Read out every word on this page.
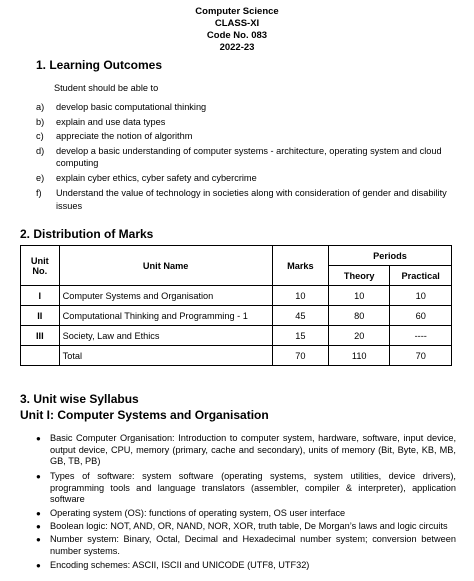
Computer Science
CLASS-XI
Code No. 083
2022-23
1. Learning Outcomes
Student should be able to
a) develop basic computational thinking
b) explain and use data types
c) appreciate the notion of algorithm
d) develop a basic understanding of computer systems - architecture, operating system and cloud
computing
e) explain cyber ethics, cyber safety and cybercrime
f) Understand the value of technology in societies along with consideration of gender and disability
issues
2. Distribution of Marks
Unit
No.	Unit Name	Marks	Periods	
			Theory	Practical
I	Computer Systems and Organisation	10	10	10
II	Computational Thinking and Programming - 1	45	80	60
III	Society, Law and Ethics	15	20	----
	Total	70	110	70
3. Unit wise Syllabus
Unit I: Computer Systems and Organisation
● Basic Computer Organisation: Introduction to computer system, hardware, software, input device, output device, CPU, memory (primary, cache and secondary), units of memory (Bit, Byte, KB, MB, GB, TB, PB)
● Types of software: system software (operating systems, system utilities, device drivers), programming tools and language translators (assembler, compiler & interpreter), application software
● Operating system (OS): functions of operating system, OS user interface
● Boolean logic: NOT, AND, OR, NAND, NOR, XOR, truth table, De Morgan’s laws and logic circuits
● Number system: Binary, Octal, Decimal and Hexadecimal number system; conversion between number systems.
● Encoding schemes: ASCII, ISCII and UNICODE (UTF8, UTF32)
